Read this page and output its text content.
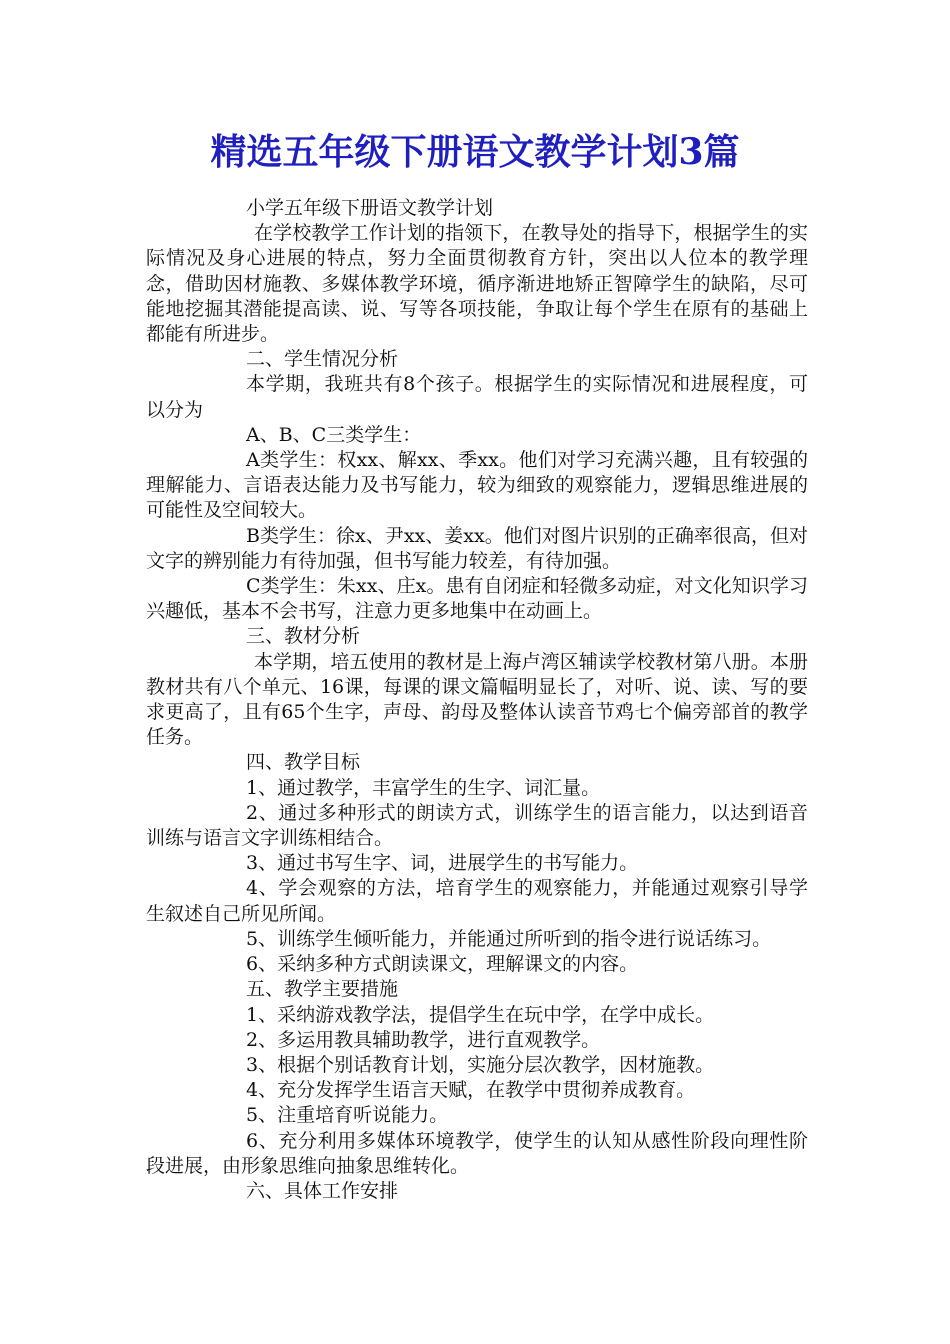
精选五年级下册语文教学计划3篇

小学五年级下册语文教学计划

在学校教学工作计划的指领下，在教导处的指导下，根据学生的实际情况及身心进展的特点，努力全面贯彻教育方针，突出以人位本的教学理念，借助因材施教、多媒体教学环境，循序渐进地矫正智障学生的缺陷，尽可能地挖掘其潜能提高读、说、写等各项技能，争取让每个学生在原有的基础上都能有所进步。

二、学生情况分析

本学期，我班共有8个孩子。根据学生的实际情况和进展程度，可以分为

A、B、C三类学生：

A类学生：权xx、解xx、季xx。他们对学习充满兴趣，且有较强的理解能力、言语表达能力及书写能力，较为细致的观察能力，逻辑思维进展的可能性及空间较大。

B类学生：徐x、尹xx、姜xx。他们对图片识别的正确率很高，但对文字的辨别能力有待加强，但书写能力较差，有待加强。

C类学生：朱xx、庄x。患有自闭症和轻微多动症，对文化知识学习兴趣低，基本不会书写，注意力更多地集中在动画上。

三、教材分析

本学期，培五使用的教材是上海卢湾区辅读学校教材第八册。本册教材共有八个单元、16课，每课的课文篇幅明显长了，对听、说、读、写的要求更高了，且有65个生字，声母、韵母及整体认读音节鸡七个偏旁部首的教学任务。

四、教学目标

1、通过教学，丰富学生的生字、词汇量。

2、通过多种形式的朗读方式，训练学生的语言能力，以达到语音训练与语言文字训练相结合。

3、通过书写生字、词，进展学生的书写能力。

4、学会观察的方法，培育学生的观察能力，并能通过观察引导学生叙述自己所见所闻。

5、训练学生倾听能力，并能通过所听到的指令进行说话练习。

6、采纳多种方式朗读课文，理解课文的内容。

五、教学主要措施

1、采纳游戏教学法，提倡学生在玩中学，在学中成长。

2、多运用教具辅助教学，进行直观教学。

3、根据个别话教育计划，实施分层次教学，因材施教。

4、充分发挥学生语言天赋，在教学中贯彻养成教育。

5、注重培育听说能力。

6、充分利用多媒体环境教学，使学生的认知从感性阶段向理性阶段进展，由形象思维向抽象思维转化。

六、具体工作安排
